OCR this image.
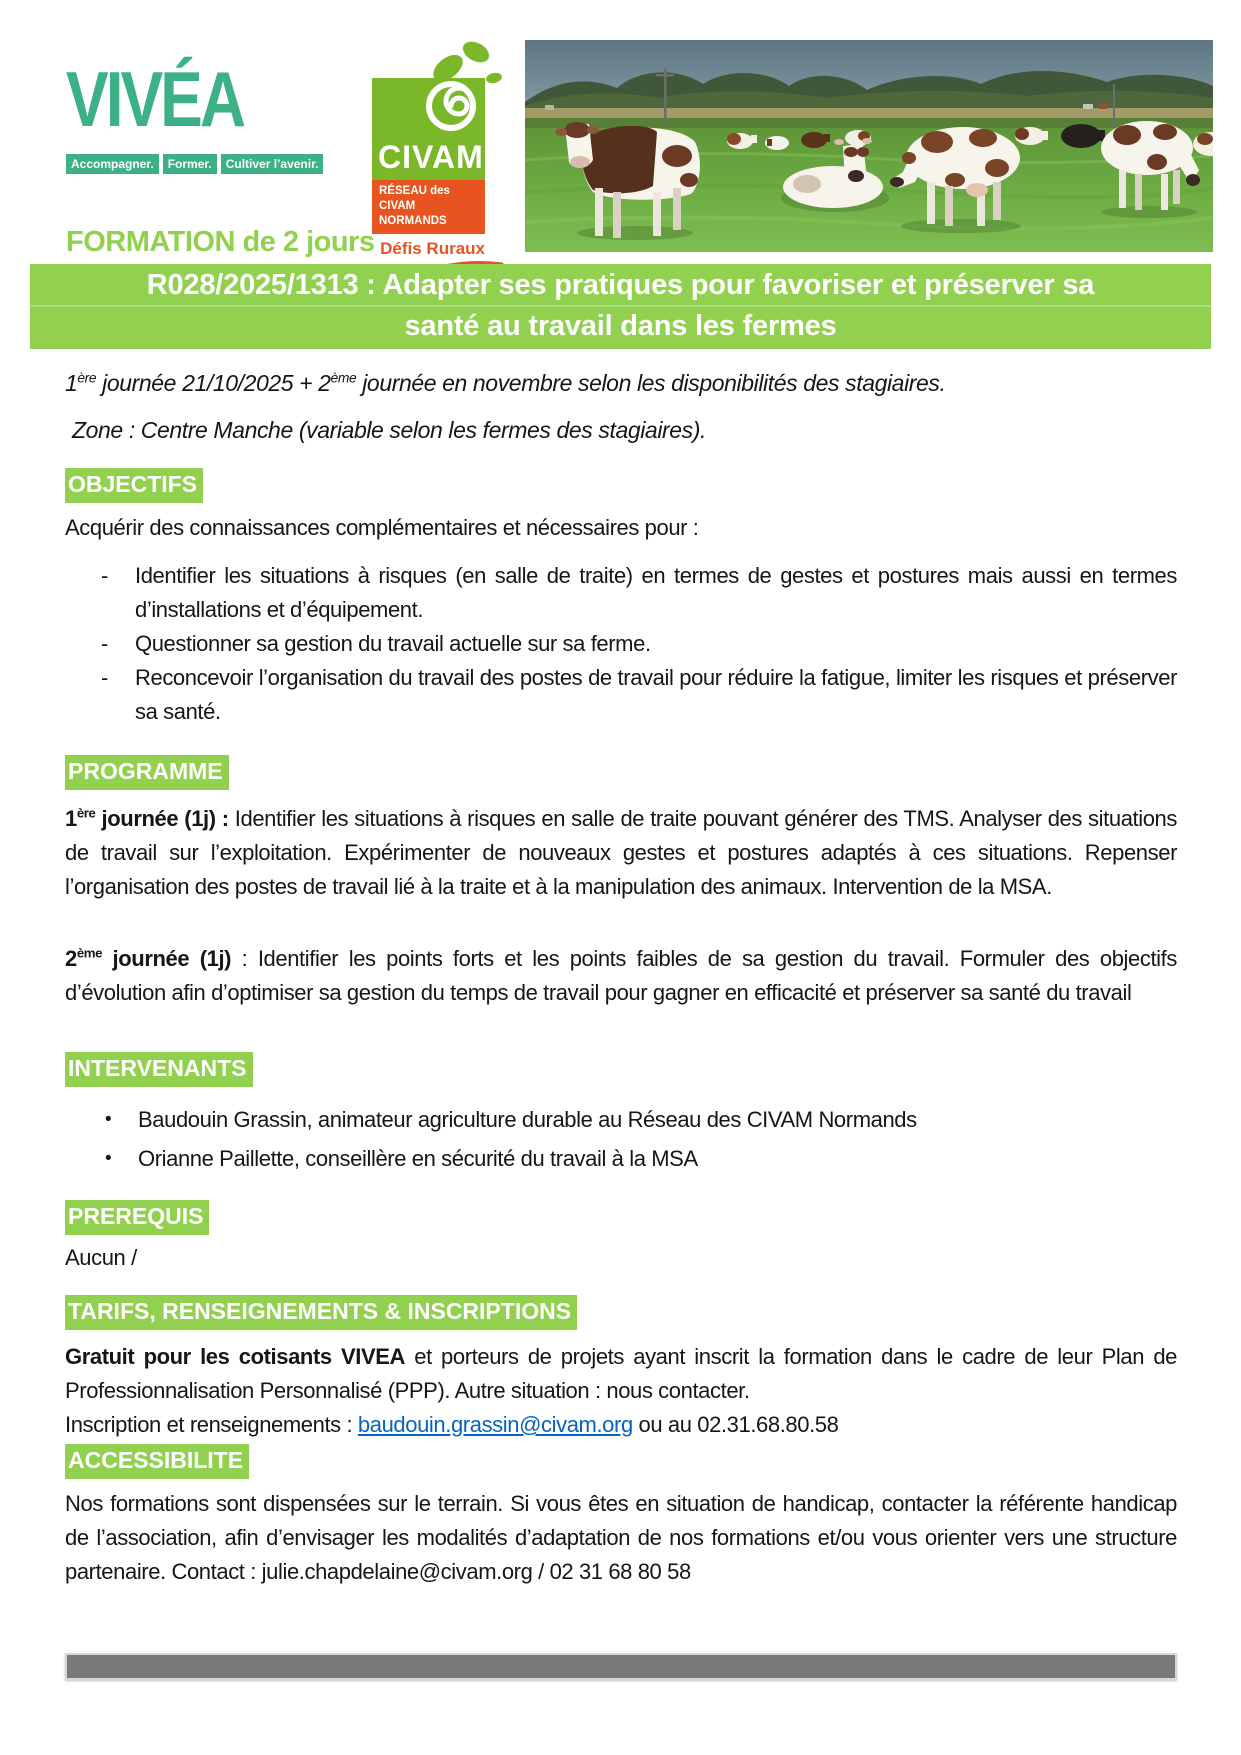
VIVÉA
Accompagner.	Former.	Cultiver l’avenir. CIVAM
RÉSEAU des CIVAM
NORMANDS
Défis Ruraux
FORMATION de 2 jours
R028/2025/1313 : Adapter ses pratiques pour favoriser et préserver sa
santé au travail dans les fermes

1ère journée 21/10/2025 + 2ème journée en novembre selon les disponibilités des stagiaires.

Zone : Centre Manche (variable selon les fermes des stagiaires).

OBJECTIFS

Acquérir des connaissances complémentaires et nécessaires pour :

-	Identifier les situations à risques (en salle de traite) en termes de gestes et postures mais aussi en termes d’installations et d’équipement.
-	Questionner sa gestion du travail actuelle sur sa ferme.
-	Reconcevoir l’organisation du travail des postes de travail pour réduire la fatigue, limiter les risques et préserver sa santé.
PROGRAMME

1ère journée (1j) : Identifier les situations à risques en salle de traite pouvant générer des TMS. Analyser des situations de travail sur l’exploitation. Expérimenter de nouveaux gestes et postures adaptés à ces situations. Repenser l’organisation des postes de travail lié à la traite et à la manipulation des animaux. Intervention de la MSA.

2ème journée (1j) : Identifier les points forts et les points faibles de sa gestion du travail. Formuler des objectifs d’évolution afin d’optimiser sa gestion du temps de travail pour gagner en efficacité et préserver sa santé du travail

INTERVENANTS
•	Baudouin Grassin, animateur agriculture durable au Réseau des CIVAM Normands
•	Orianne Paillette, conseillère en sécurité du travail à la MSA
PREREQUIS

Aucun /

TARIFS, RENSEIGNEMENTS & INSCRIPTIONS

Gratuit pour les cotisants VIVEA et porteurs de projets ayant inscrit la formation dans le cadre de leur Plan de Professionnalisation Personnalisé (PPP). Autre situation : nous contacter.

Inscription et renseignements : baudouin.grassin@civam.org ou au 02.31.68.80.58

ACCESSIBILITE

Nos formations sont dispensées sur le terrain. Si vous êtes en situation de handicap, contacter la référente handicap de l’association, afin d’envisager les modalités d’adaptation de nos formations et/ou vous orienter vers une structure partenaire. Contact : julie.chapdelaine@civam.org / 02 31 68 80 58
